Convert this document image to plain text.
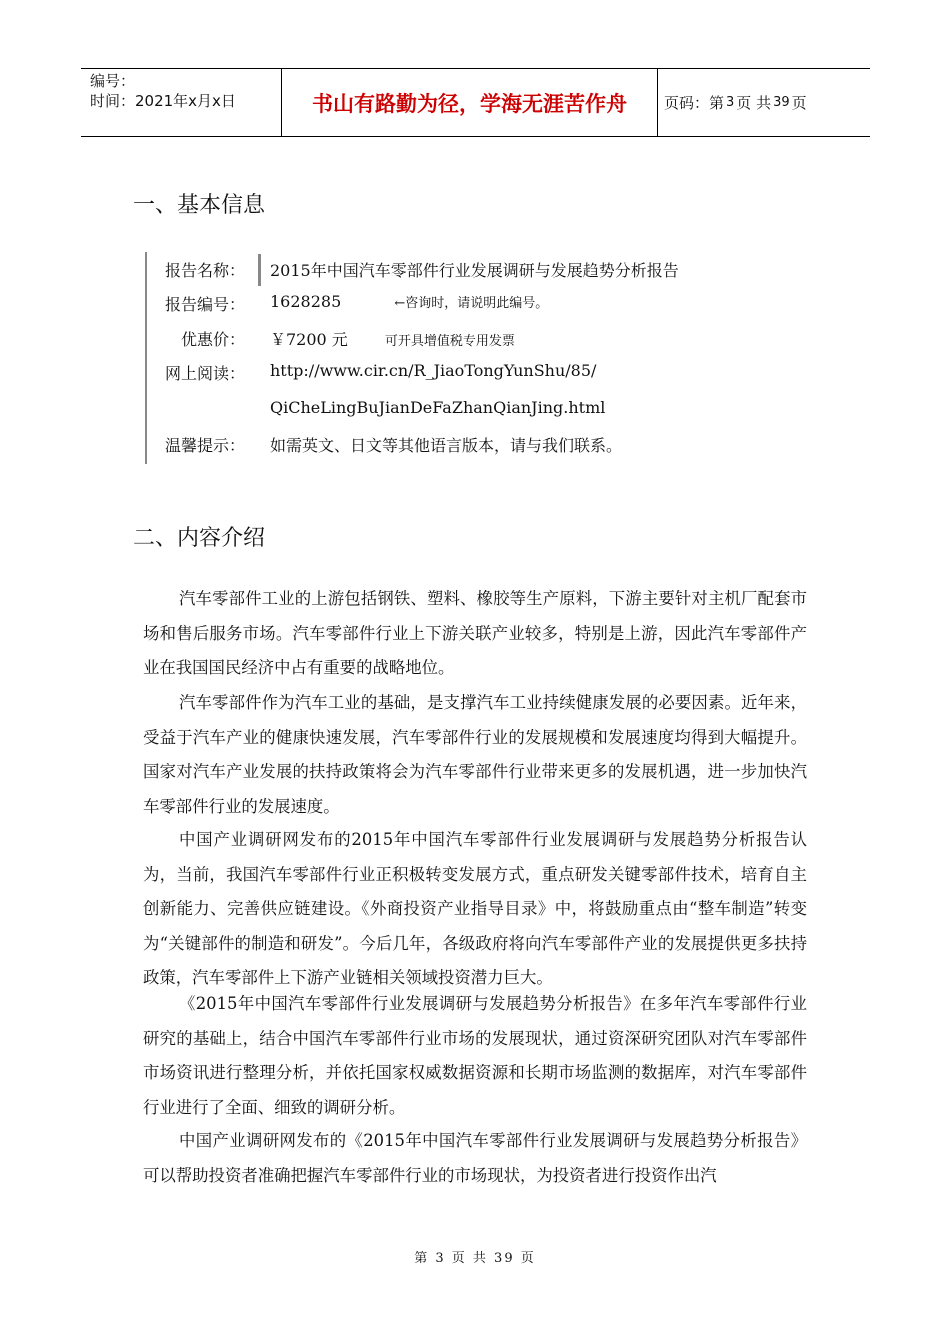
编号：
时间：2021年x月x日	书山有路勤为径，学海无涯苦作舟	页码：第 3 页 共 39 页
一、基本信息
报告名称： 2015年中国汽车零部件行业发展调研与发展趋势分析报告
报告编号： 1628285	←咨询时，请说明此编号。
优惠价： ￥7200 元	可开具增值税专用发票
网上阅读： http://www.cir.cn/R_JiaoTongYunShu/85/
QiCheLingBuJianDeFaZhanQianJing.html
温馨提示： 如需英文、日文等其他语言版本，请与我们联系。
二、内容介绍

汽车零部件工业的上游包括钢铁、塑料、橡胶等生产原料，下游主要针对主机厂配套市场和售后服务市场。汽车零部件行业上下游关联产业较多，特别是上游，因此汽车零部件产业在我国国民经济中占有重要的战略地位。

汽车零部件作为汽车工业的基础，是支撑汽车工业持续健康发展的必要因素。近年来，受益于汽车产业的健康快速发展，汽车零部件行业的发展规模和发展速度均得到大幅提升。国家对汽车产业发展的扶持政策将会为汽车零部件行业带来更多的发展机遇，进一步加快汽车零部件行业的发展速度。

中国产业调研网发布的2015年中国汽车零部件行业发展调研与发展趋势分析报告认为，当前，我国汽车零部件行业正积极转变发展方式，重点研发关键零部件技术，培育自主创新能力、完善供应链建设。《外商投资产业指导目录》中，将鼓励重点由“整车制造”转变为“关键部件的制造和研发”。今后几年，各级政府将向汽车零部件产业的发展提供更多扶持政策，汽车零部件上下游产业链相关领域投资潜力巨大。

《2015年中国汽车零部件行业发展调研与发展趋势分析报告》在多年汽车零部件行业研究的基础上，结合中国汽车零部件行业市场的发展现状，通过资深研究团队对汽车零部件市场资讯进行整理分析，并依托国家权威数据资源和长期市场监测的数据库，对汽车零部件行业进行了全面、细致的调研分析。

中国产业调研网发布的《2015年中国汽车零部件行业发展调研与发展趋势分析报告》可以帮助投资者准确把握汽车零部件行业的市场现状，为投资者进行投资作出汽

第 3 页 共 39 页
